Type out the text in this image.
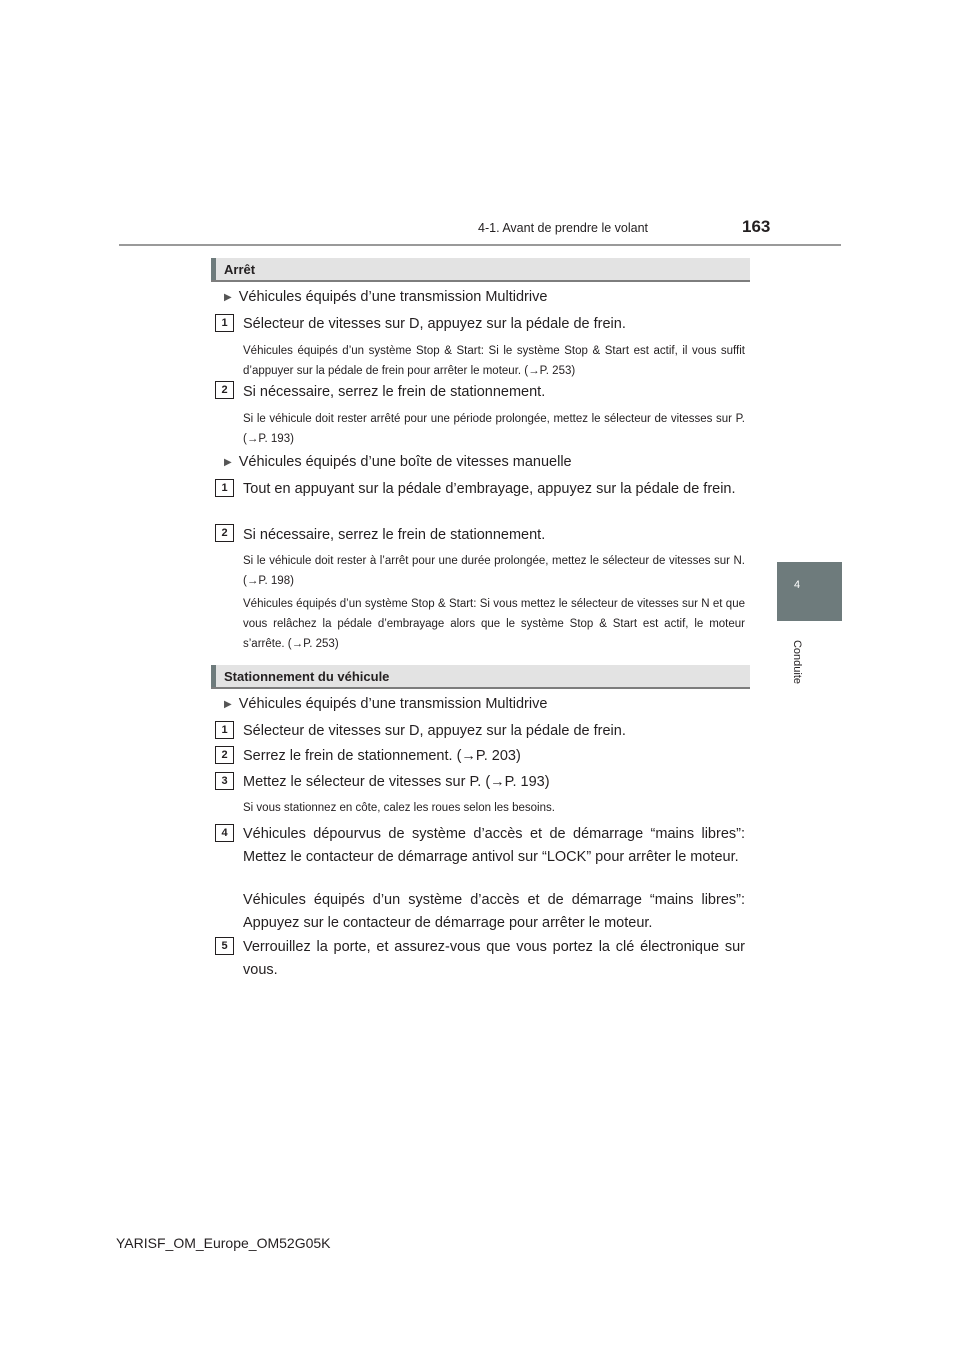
4-1. Avant de prendre le volant	163
4
Conduite
Arrêt
▶ Véhicules équipés d’une transmission Multidrive
1	Sélecteur de vitesses sur D, appuyez sur la pédale de frein.
Véhicules équipés d’un système Stop & Start: Si le système Stop & Start est actif, il vous suffit d’appuyer sur la pédale de frein pour arrêter le moteur. (→P. 253)
2	Si nécessaire, serrez le frein de stationnement.
Si le véhicule doit rester arrêté pour une période prolongée, mettez le sélecteur de vitesses sur P. (→P. 193)
▶ Véhicules équipés d’une boîte de vitesses manuelle
1	Tout en appuyant sur la pédale d’embrayage, appuyez sur la pédale de frein.
2	Si nécessaire, serrez le frein de stationnement.
Si le véhicule doit rester à l’arrêt pour une durée prolongée, mettez le sélecteur de vitesses sur N. (→P. 198)
Véhicules équipés d’un système Stop & Start: Si vous mettez le sélecteur de vitesses sur N et que vous relâchez la pédale d’embrayage alors que le système Stop & Start est actif, le moteur s’arrête. (→P. 253)
Stationnement du véhicule
▶ Véhicules équipés d’une transmission Multidrive
1	Sélecteur de vitesses sur D, appuyez sur la pédale de frein.
2	Serrez le frein de stationnement. (→P. 203)
3	Mettez le sélecteur de vitesses sur P. (→P. 193)
Si vous stationnez en côte, calez les roues selon les besoins.
4	Véhicules dépourvus de système d’accès et de démarrage “mains libres”: Mettez le contacteur de démarrage antivol sur “LOCK” pour arrêter le moteur.
Véhicules équipés d’un système d’accès et de démarrage “mains libres”: Appuyez sur le contacteur de démarrage pour arrêter le moteur.
5	Verrouillez la porte, et assurez-vous que vous portez la clé électronique sur vous.
YARISF_OM_Europe_OM52G05K
